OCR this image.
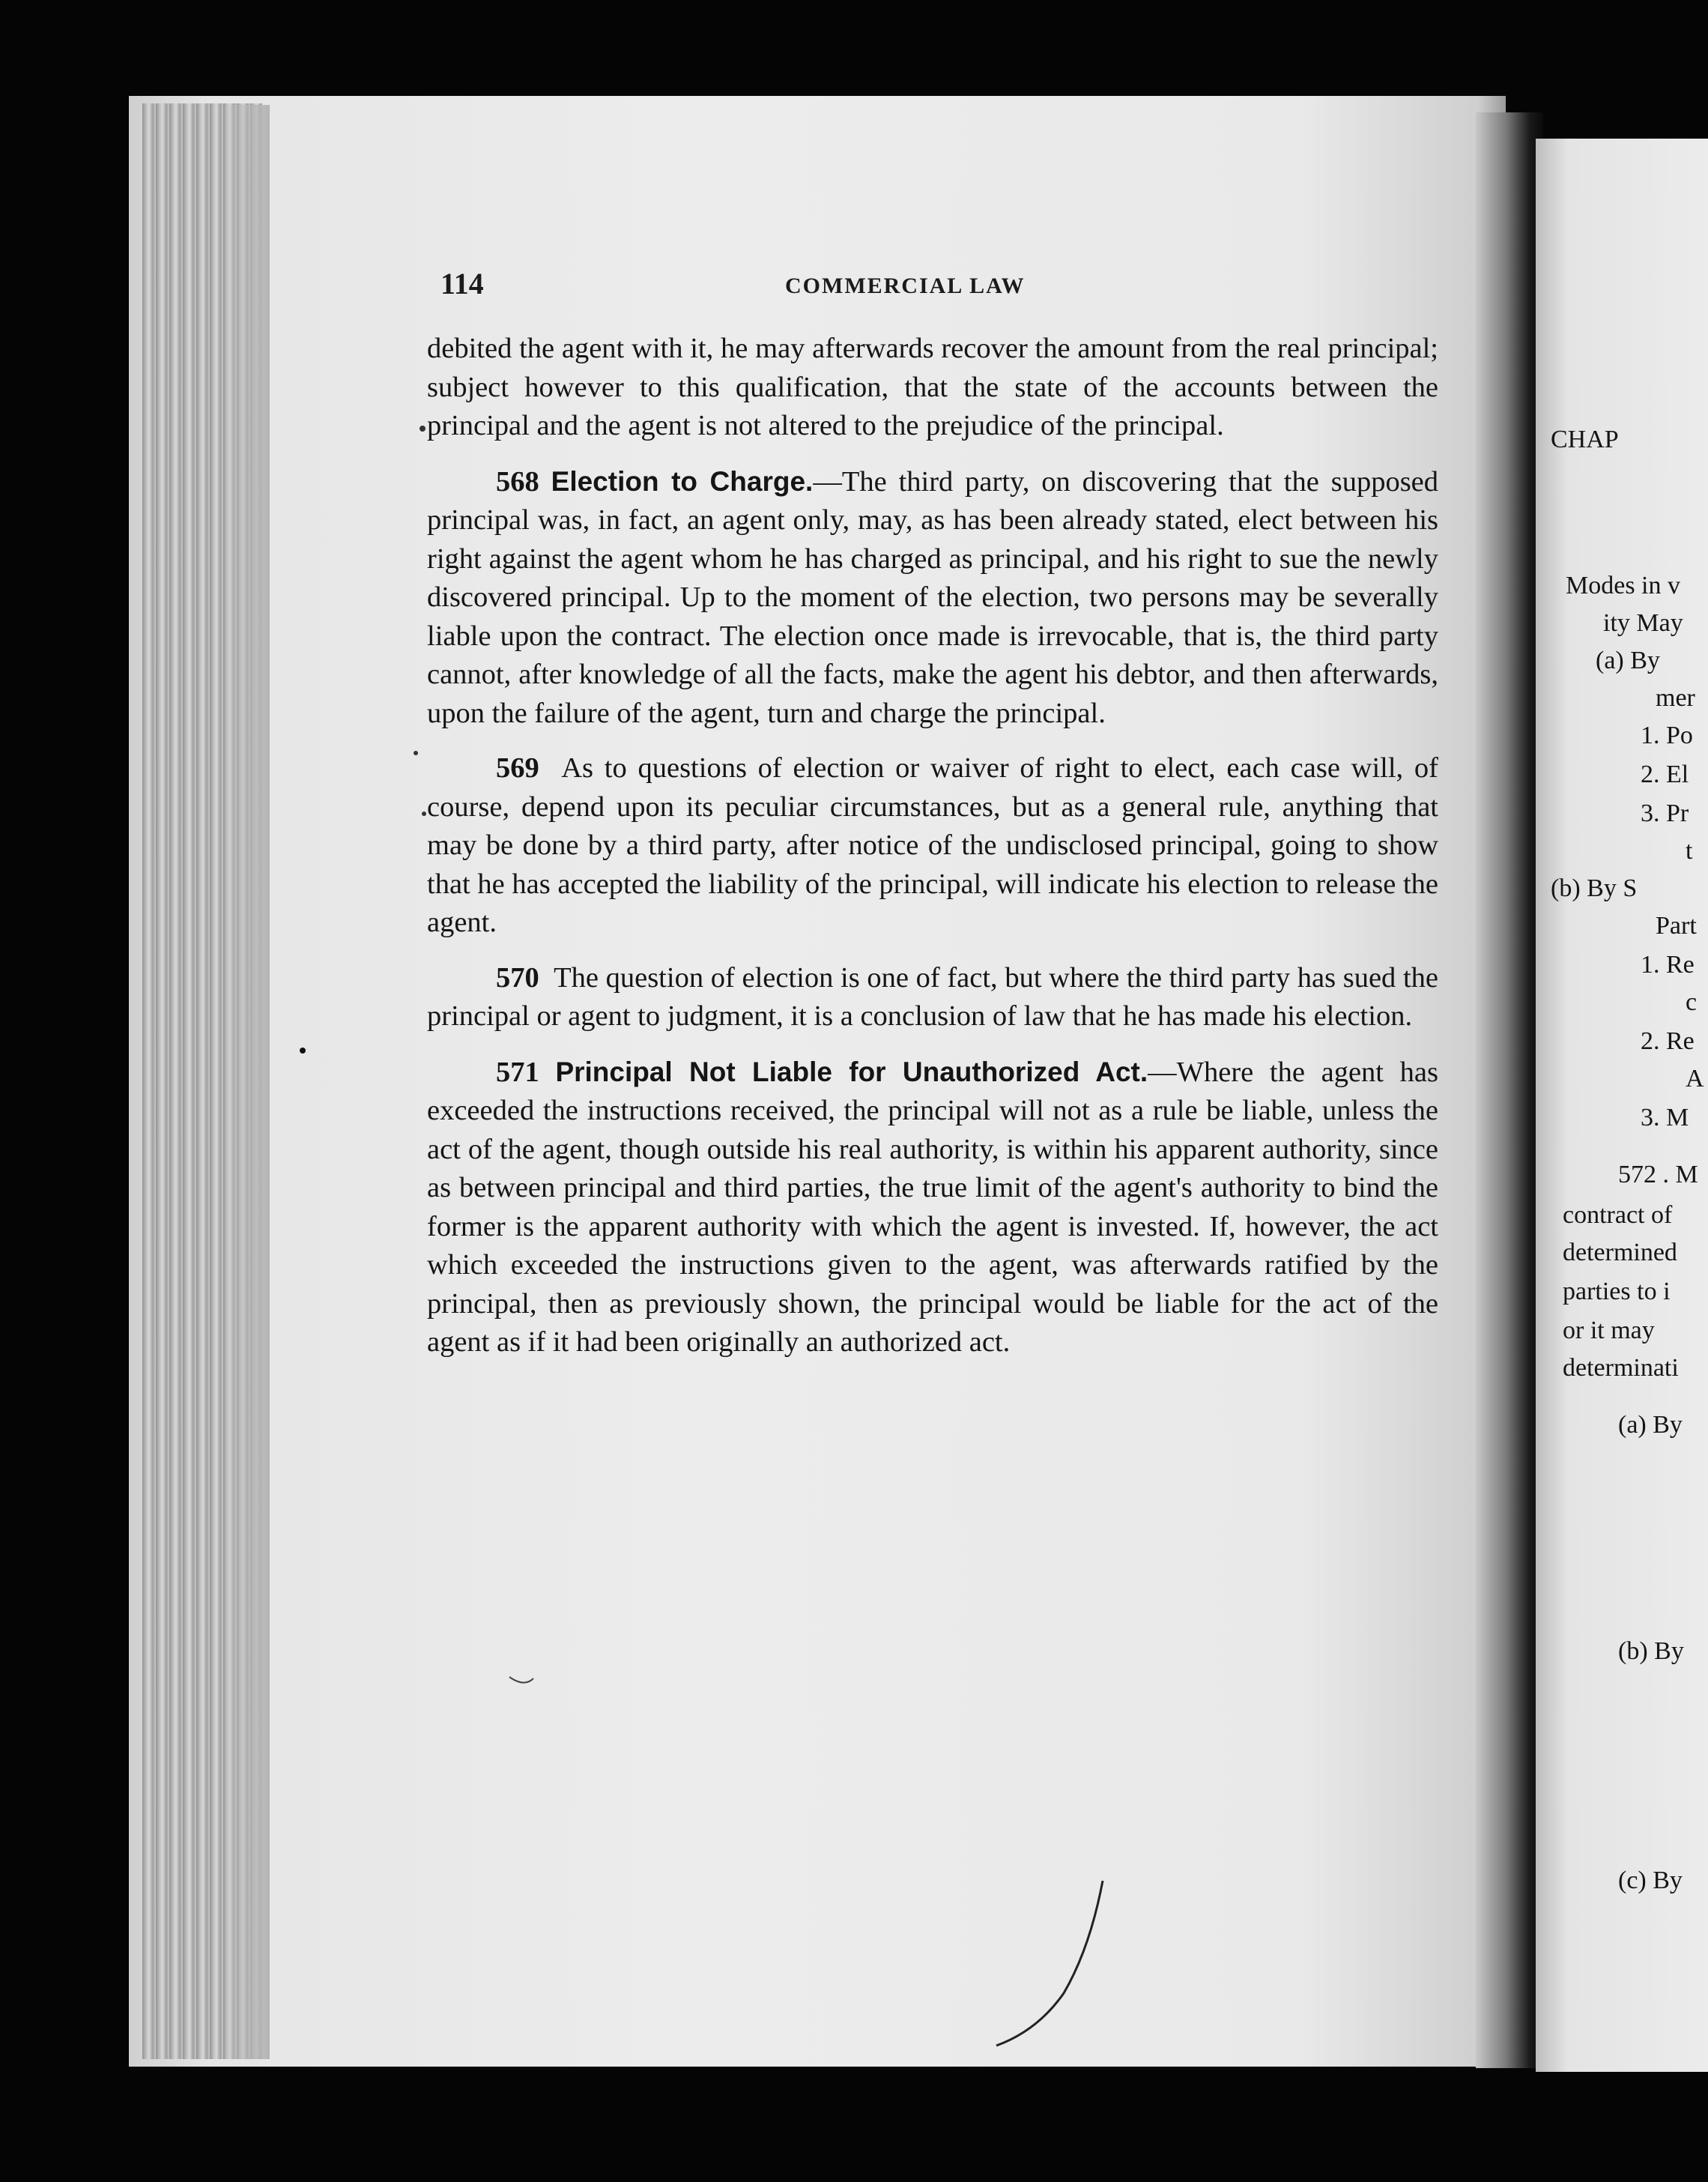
114	COMMERCIAL LAW

debited the agent with it, he may afterwards recover the amount from the real principal; subject however to this qualification, that the state of the accounts between the principal and the agent is not altered to the prejudice of the principal.

568 Election to Charge.—The third party, on discovering that the supposed principal was, in fact, an agent only, may, as has been already stated, elect between his right against the agent whom he has charged as principal, and his right to sue the newly discovered principal. Up to the moment of the election, two persons may be severally liable upon the contract. The election once made is irrevocable, that is, the third party cannot, after knowledge of all the facts, make the agent his debtor, and then afterwards, upon the failure of the agent, turn and charge the principal.

569 As to questions of election or waiver of right to elect, each case will, of course, depend upon its peculiar circumstances, but as a general rule, anything that may be done by a third party, after notice of the undisclosed principal, going to show that he has accepted the liability of the principal, will indicate his election to release the agent.

570 The question of election is one of fact, but where the third party has sued the principal or agent to judgment, it is a conclusion of law that he has made his election.

571 Principal Not Liable for Unauthorized Act.—Where the agent has exceeded the instructions received, the principal will not as a rule be liable, unless the act of the agent, though outside his real authority, is within his apparent authority, since as between principal and third parties, the true limit of the agent's authority to bind the former is the apparent authority with which the agent is invested. If, however, the act which exceeded the instructions given to the agent, was afterwards ratified by the principal, then as previously shown, the principal would be liable for the act of the agent as if it had been originally an authorized act.

CHAP
Modes in v
ity May
(a) By
mer
1. Po
2. El
3. Pr
t
(b) By S
Part
1. Re
c
2. Re
A
3. M
572 . M
contract of
determined
parties to i
or it may
determinati
(a) By
(b) By
(c) By
